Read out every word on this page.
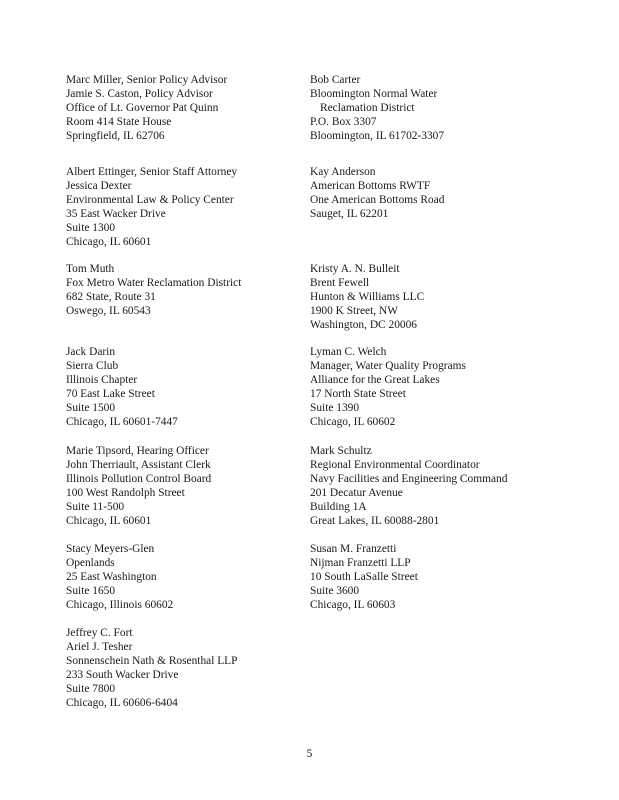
Marc Miller, Senior Policy Advisor
Jamie S. Caston, Policy Advisor
Office of Lt. Governor Pat Quinn
Room 414 State House
Springfield, IL 62706
Bob Carter
Bloomington Normal Water
Reclamation District
P.O. Box 3307
Bloomington, IL 61702-3307
Albert Ettinger, Senior Staff Attorney
Jessica Dexter
Environmental Law & Policy Center
35 East Wacker Drive
Suite 1300
Chicago, IL 60601
Kay Anderson
American Bottoms RWTF
One American Bottoms Road
Sauget, IL 62201
Tom Muth
Fox Metro Water Reclamation District
682 State, Route 31
Oswego, IL 60543
Kristy A. N. Bulleit
Brent Fewell
Hunton & Williams LLC
1900 K Street, NW
Washington, DC 20006
Jack Darin
Sierra Club
Illinois Chapter
70 East Lake Street
Suite 1500
Chicago, IL 60601-7447
Lyman C. Welch
Manager, Water Quality Programs
Alliance for the Great Lakes
17 North State Street
Suite 1390
Chicago, IL 60602
Marie Tipsord, Hearing Officer
John Therriault, Assistant Clerk
Illinois Pollution Control Board
100 West Randolph Street
Suite 11-500
Chicago, IL 60601
Mark Schultz
Regional Environmental Coordinator
Navy Facilities and Engineering Command
201 Decatur Avenue
Building 1A
Great Lakes, IL 60088-2801
Stacy Meyers-Glen
Openlands
25 East Washington
Suite 1650
Chicago, Illinois 60602
Susan M. Franzetti
Nijman Franzetti LLP
10 South LaSalle Street
Suite 3600
Chicago, IL 60603
Jeffrey C. Fort
Ariel J. Tesher
Sonnenschein Nath & Rosenthal LLP
233 South Wacker Drive
Suite 7800
Chicago, IL 60606-6404
5
